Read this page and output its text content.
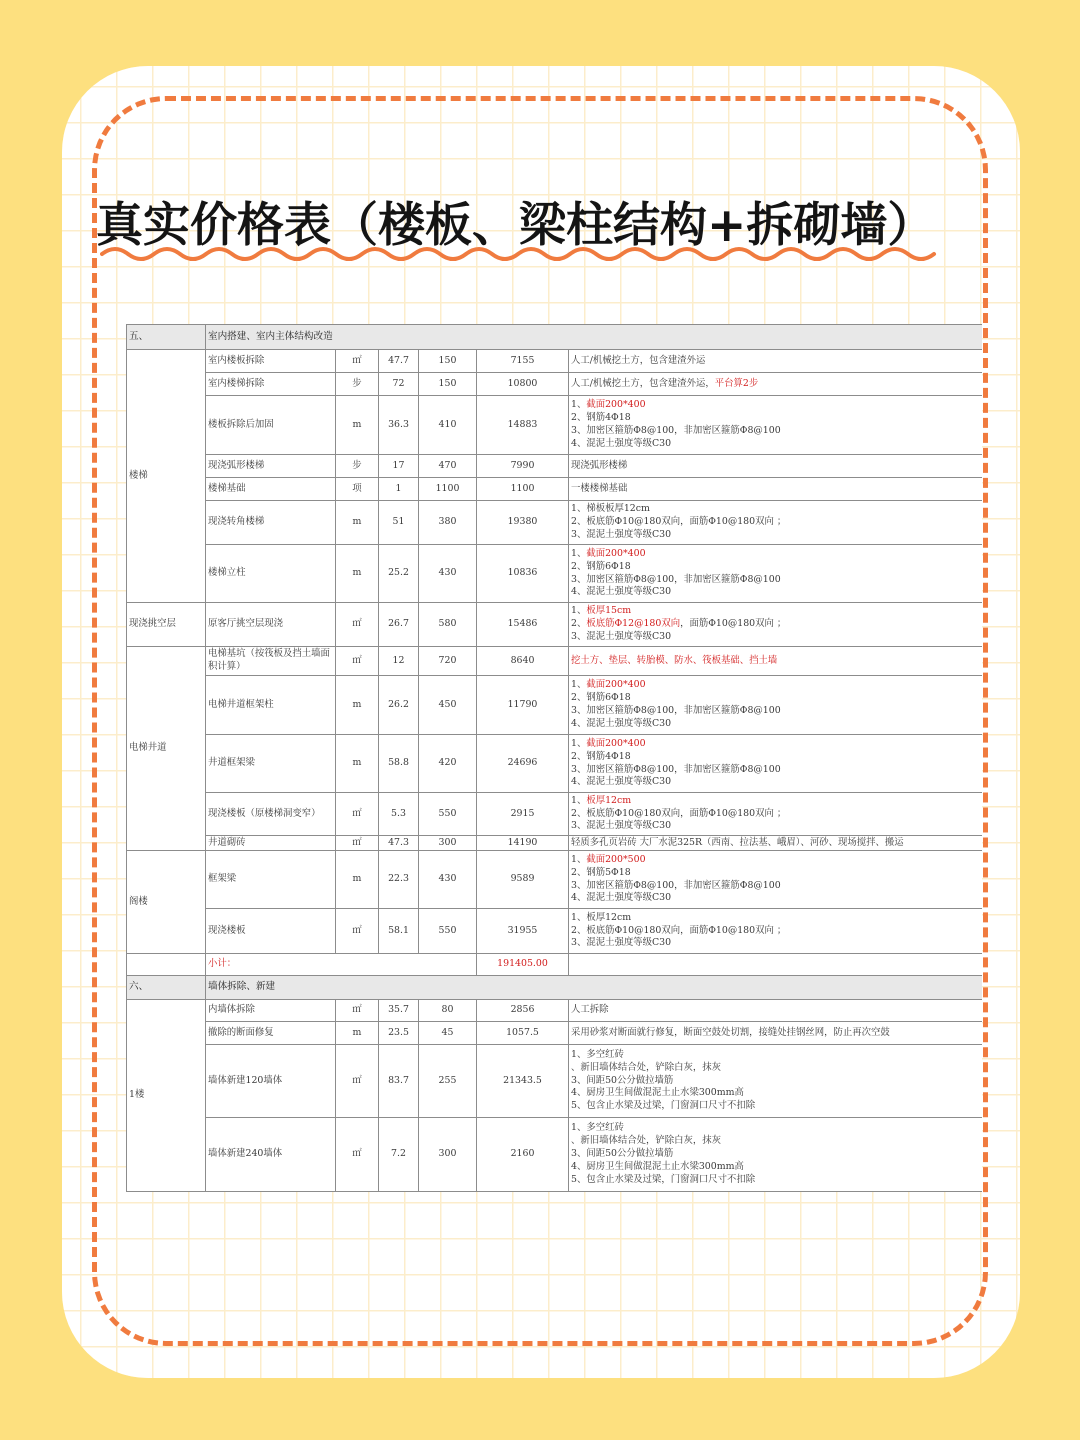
真实价格表（楼板、梁柱结构+拆砌墙）
五、	室内搭建、室内主体结构改造					
楼梯	室内楼板拆除	㎡	47.7	150	7155	人工/机械挖土方，包含建渣外运
	室内楼梯拆除	步	72	150	10800	人工/机械挖土方，包含建渣外运，平台算2步
	楼板拆除后加固	m	36.3	410	14883	1、截面200*400
2、钢筋4Φ18
3、加密区箍筋Φ8@100，非加密区箍筋Φ8@100
4、混泥土强度等级C30

	现浇弧形楼梯	步	17	470	7990	现浇弧形楼梯
	楼梯基础	项	1	1100	1100	一楼楼梯基础
	现浇转角楼梯	m	51	380	19380	1、梯板板厚12cm
2、板底筋Φ10@180双向，面筋Φ10@180双向 ；
3、混泥土强度等级C30

	楼梯立柱	m	25.2	430	10836	1、截面200*400
2、钢筋6Φ18
3、加密区箍筋Φ8@100，非加密区箍筋Φ8@100
4、混泥土强度等级C30

现浇挑空层	原客厅挑空层现浇	㎡	26.7	580	15486	1、板厚15cm
2、板底筋Φ12@180双向，面筋Φ10@180双向 ；
3、混泥土强度等级C30

电梯井道	电梯基坑（按筏板及挡土墙面积计算）	㎡	12	720	8640	挖土方、垫层、转胎模、防水、筏板基础、挡土墙
	电梯井道框架柱	m	26.2	450	11790	1、截面200*400
2、钢筋6Φ18
3、加密区箍筋Φ8@100，非加密区箍筋Φ8@100
4、混泥土强度等级C30

	井道框架梁	m	58.8	420	24696	1、截面200*400
2、钢筋4Φ18
3、加密区箍筋Φ8@100，非加密区箍筋Φ8@100
4、混泥土强度等级C30

	现浇楼板（原楼梯洞变窄）	㎡	5.3	550	2915	1、板厚12cm
2、板底筋Φ10@180双向，面筋Φ10@180双向 ；
3、混泥土强度等级C30

	井道砌砖	㎡	47.3	300	14190	轻质多孔页岩砖 大厂水泥325R（西南、拉法基、峨眉）、河砂、现场搅拌、搬运
阁楼	框架梁	m	22.3	430	9589	1、截面200*500
2、钢筋5Φ18
3、加密区箍筋Φ8@100，非加密区箍筋Φ8@100
4、混泥土强度等级C30

	现浇楼板	㎡	58.1	550	31955	1、板厚12cm
2、板底筋Φ10@180双向，面筋Φ10@180双向 ；
3、混泥土强度等级C30

	小计：				191405.00	
六、	墙体拆除、新建					
1楼	内墙体拆除	㎡	35.7	80	2856	人工拆除
	撤除的断面修复	m	23.5	45	1057.5	采用砂浆对断面就行修复，断面空鼓处切割，接缝处挂钢丝网，防止再次空鼓
	墙体新建120墙体	㎡	83.7	255	21343.5	1、多空红砖
、新旧墙体结合处，铲除白灰，抹灰
3、间距50公分做拉墙筋
4、厨房卫生间做混泥土止水梁300mm高
5、包含止水梁及过梁，门窗洞口尺寸不扣除

	墙体新建240墙体	㎡	7.2	300	2160	1、多空红砖
、新旧墙体结合处，铲除白灰，抹灰
3、间距50公分做拉墙筋
4、厨房卫生间做混泥土止水梁300mm高
5、包含止水梁及过梁，门窗洞口尺寸不扣除
